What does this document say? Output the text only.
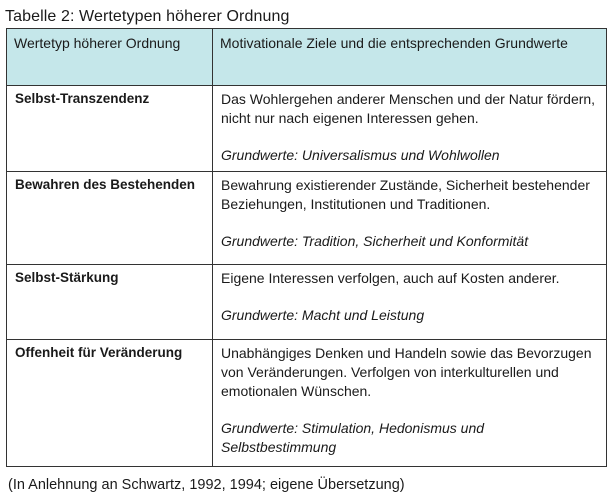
Tabelle 2: Wertetypen höherer Ordnung
Wertetyp höherer Ordnung	Motivationale Ziele und die entsprechenden Grundwerte

Selbst-Transzendenz	Das Wohlergehen anderer Menschen und der Natur fördern, nicht nur nach eigenen Interessen gehen.
Grundwerte: Universalismus und Wohlwollen

Bewahren des Bestehenden	Bewahrung existierender Zustände, Sicherheit bestehender Beziehungen, Institutionen und Traditionen.
Grundwerte: Tradition, Sicherheit und Konformität

Selbst-Stärkung	Eigene Interessen verfolgen, auch auf Kosten anderer.
Grundwerte: Macht und Leistung

Offenheit für Veränderung	Unabhängiges Denken und Handeln sowie das Bevorzugen von Veränderungen. Verfolgen von interkulturellen und emotionalen Wünschen.
Grundwerte: Stimulation, Hedonismus und Selbstbestimmung
(In Anlehnung an Schwartz, 1992, 1994; eigene Übersetzung)
